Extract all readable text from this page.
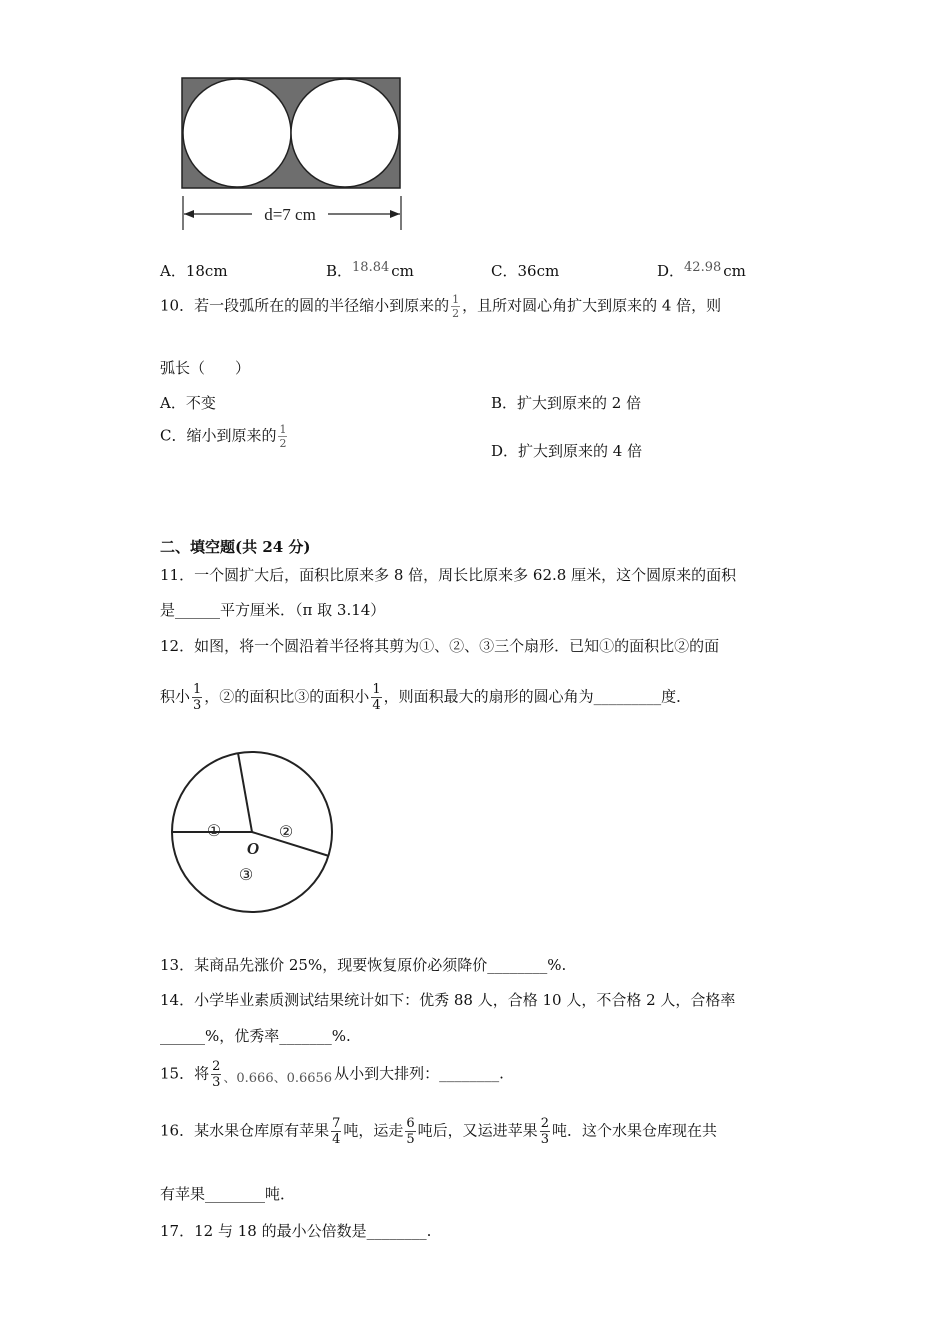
d=7 cm
A．18cm	B．18.84 cm	C．36cm	D．42.98 cm
10．若一段弧所在的圆的半径缩小到原来的 $\frac{1}{2}$ ，且所对圆心角扩大到原来的 4 倍，则
弧长（　　）
A．不变	B．扩大到原来的 2 倍
C．缩小到原来的 $\frac{1}{2}$
D．扩大到原来的 4 倍
二、填空题(共 24 分)
11．一个圆扩大后，面积比原来多 8 倍，周长比原来多 62.8 厘米，这个圆原来的面积
是______平方厘米．（π 取 3.14）
12．如图，将一个圆沿着半径将其剪为①、②、③三个扇形．已知①的面积比②的面
积小 $\frac{1}{3}$ ，②的面积比③的面积小 $\frac{1}{4}$ ，则面积最大的扇形的圆心角为_________度．
①	②
③
O
13．某商品先涨价 25%，现要恢复原价必须降价________%.
14．小学毕业素质测试结果统计如下：优秀 88 人，合格 10 人，不合格 2 人，合格率
______%，优秀率_______%.
15．将 $\frac{2}{3}$ 、0.666、0.6656 从小到大排列：________.
16．某水果仓库原有苹果 $\frac{7}{4}$ 吨，运走 $\frac{6}{5}$ 吨后，又运进苹果 $\frac{2}{3}$ 吨．这个水果仓库现在共
有苹果________吨．
17．12 与 18 的最小公倍数是________.
